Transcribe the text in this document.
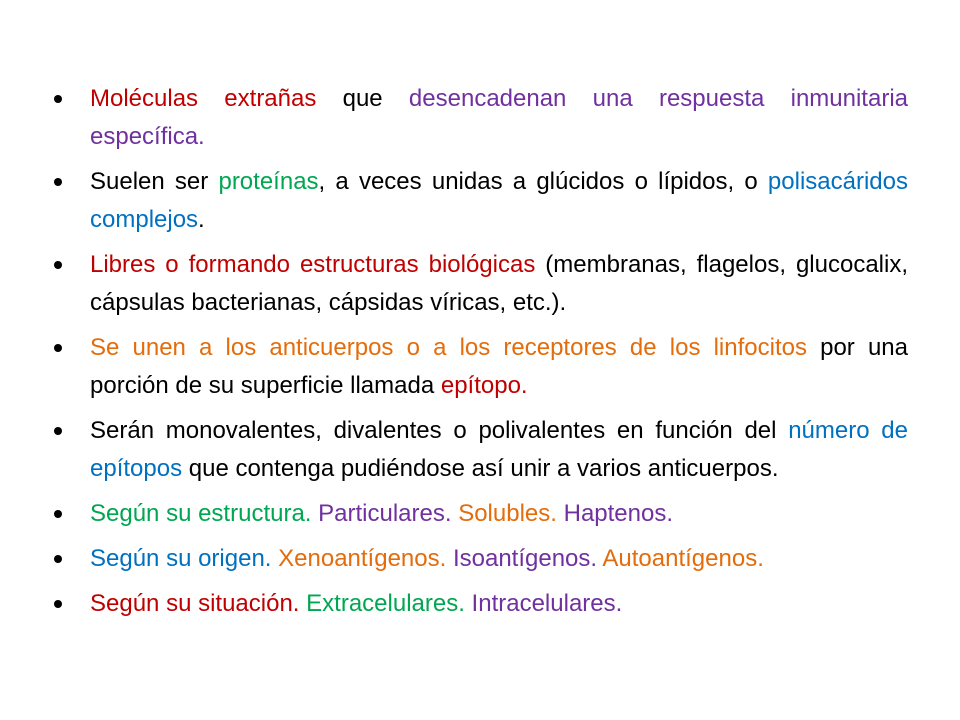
Moléculas extrañas que desencadenan una respuesta inmunitaria específica.
Suelen ser proteínas, a veces unidas a glúcidos o lípidos, o polisacáridos complejos.
Libres o formando estructuras biológicas (membranas, flagelos, glucocalix, cápsulas bacterianas, cápsidas víricas, etc.).
Se unen a los anticuerpos o a los receptores de los linfocitos por una porción de su superficie llamada epítopo.
Serán monovalentes, divalentes o polivalentes en función del número de epítopos que contenga pudiéndose así unir a varios anticuerpos.
Según su estructura. Particulares. Solubles. Haptenos.
Según su origen. Xenoantígenos. Isoantígenos. Autoantígenos.
Según su situación. Extracelulares. Intracelulares.
